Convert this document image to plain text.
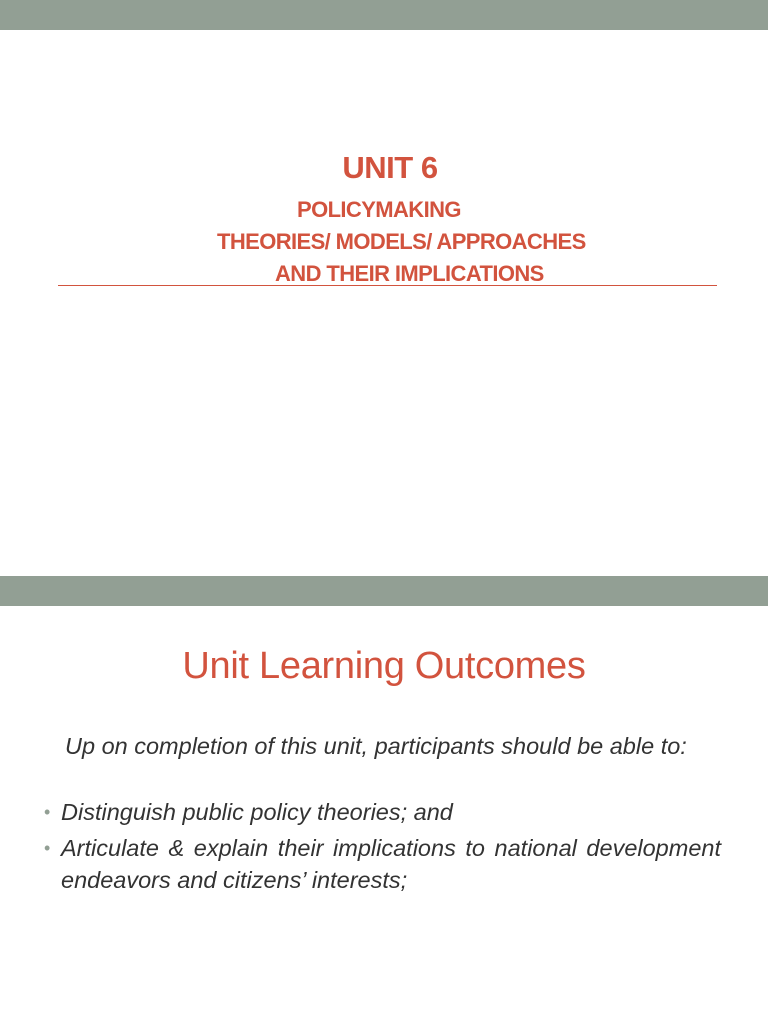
UNIT 6
POLICYMAKING
THEORIES/ MODELS/ APPROACHES
AND THEIR IMPLICATIONS
Unit Learning Outcomes

Up on completion of this unit, participants should be able to:

• Distinguish public policy theories; and
• Articulate & explain their implications to national development endeavors and citizens’ interests;
